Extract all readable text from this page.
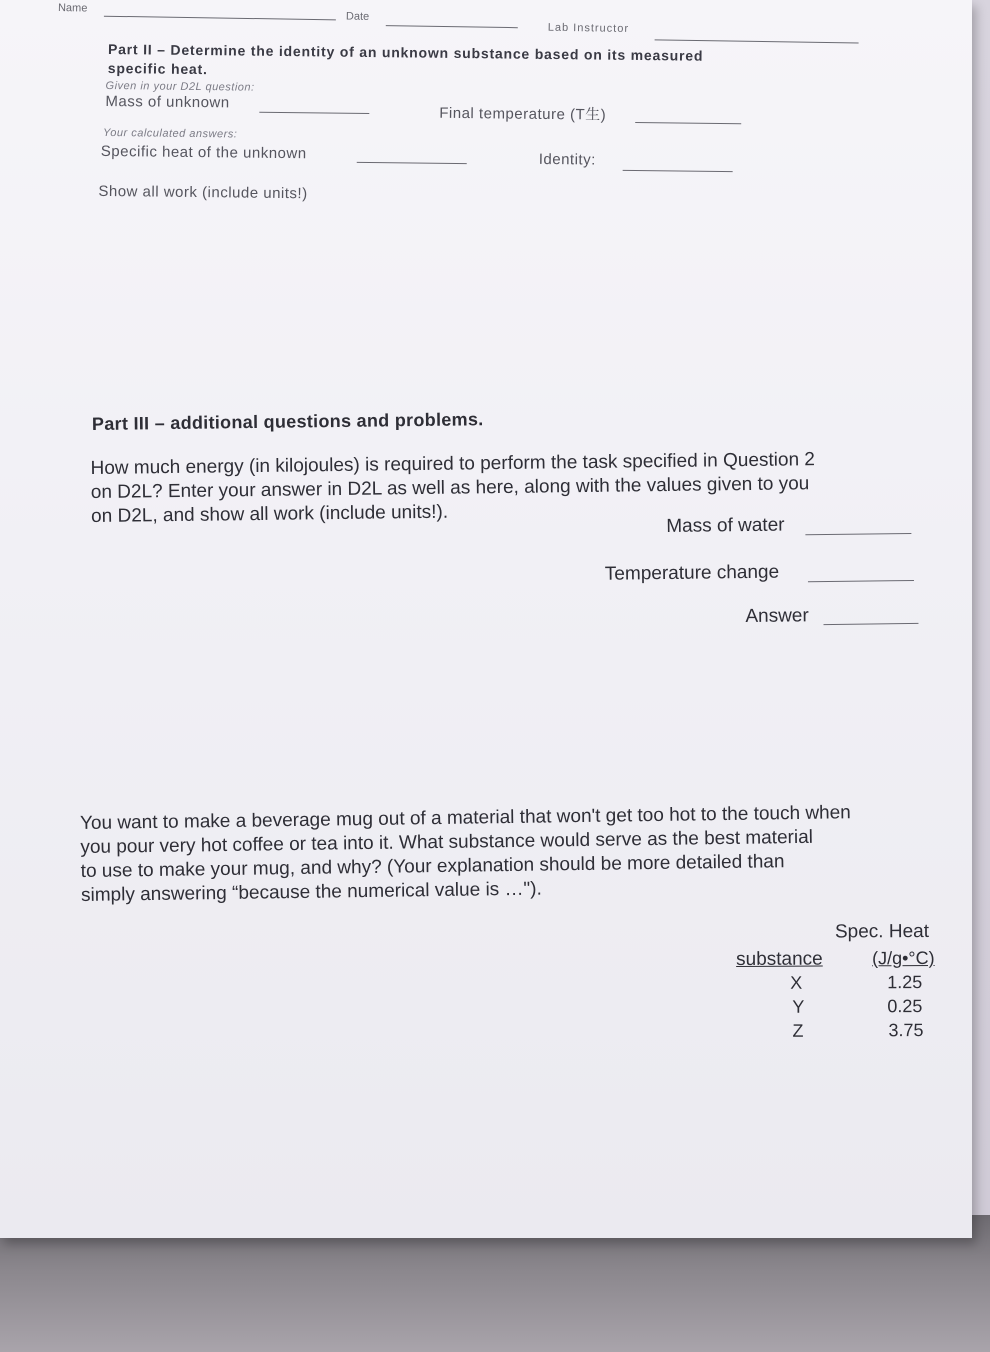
Name
Date
Lab Instructor
Part II – Determine the identity of an unknown substance based on its measured
specific heat.
Given in your D2L question:
Mass of unknown
Final temperature (T⽣)
Your calculated answers:
Specific heat of the unknown	Identity:
Show all work (include units!)
Part III – additional questions and problems.
How much energy (in kilojoules) is required to perform the task specified in Question 2
on D2L? Enter your answer in D2L as well as here, along with the values given to you
on D2L, and show all work (include units!).	Mass of water
Temperature change
Answer
You want to make a beverage mug out of a material that won't get too hot to the touch when
you pour very hot coffee or tea into it. What substance would serve as the best material
to use to make your mug, and why? (Your explanation should be more detailed than
simply answering “because the numerical value is …").
Spec. Heat
substance	(J/g•°C)
X	1.25
Y	0.25
Z	3.75
